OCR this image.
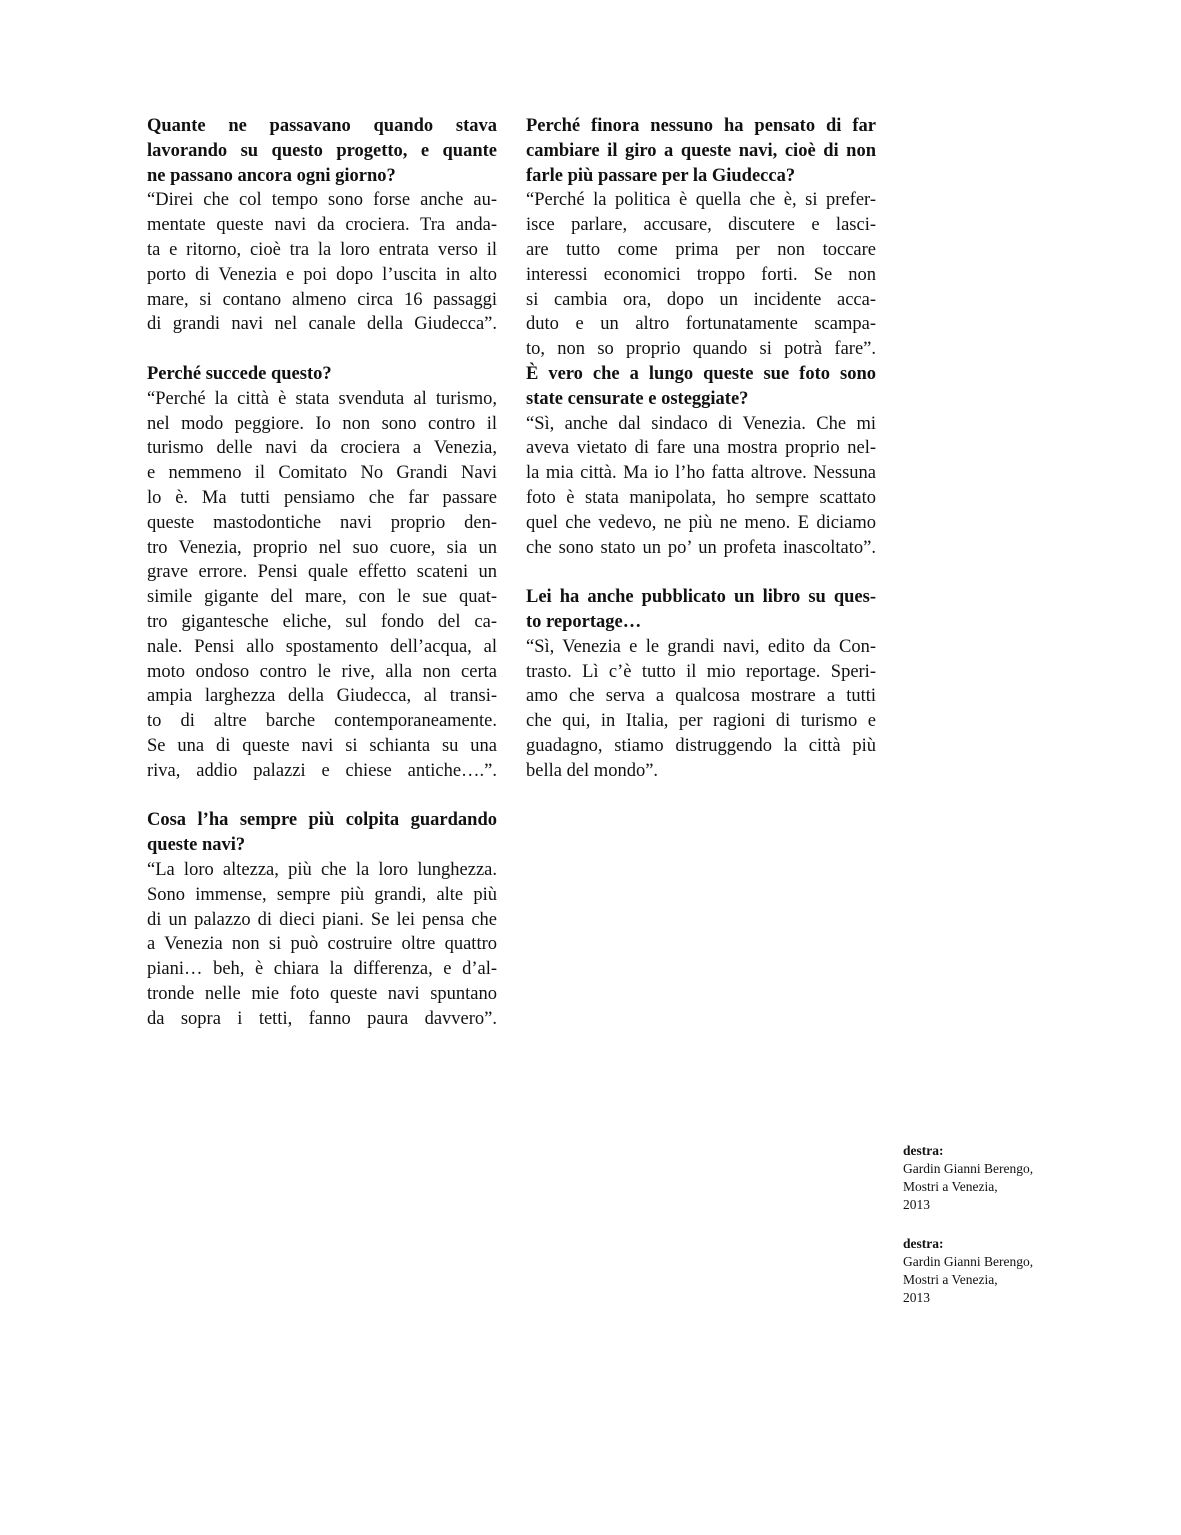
Quante ne passavano quando stava
lavorando su questo progetto, e quante
ne passano ancora ogni giorno?
“Direi che col tempo sono forse anche au-
mentate queste navi da crociera. Tra anda-
ta e ritorno, cioè tra la loro entrata verso il
porto di Venezia e poi dopo l’uscita in alto
mare, si contano almeno circa 16 passaggi
di grandi navi nel canale della Giudecca”.
Perché succede questo?
“Perché la città è stata svenduta al turismo,
nel modo peggiore. Io non sono contro il
turismo delle navi da crociera a Venezia,
e nemmeno il Comitato No Grandi Navi
lo è. Ma tutti pensiamo che far passare
queste mastodontiche navi proprio den-
tro Venezia, proprio nel suo cuore, sia un
grave errore. Pensi quale effetto scateni un
simile gigante del mare, con le sue quat-
tro gigantesche eliche, sul fondo del ca-
nale. Pensi allo spostamento dell’acqua, al
moto ondoso contro le rive, alla non certa
ampia larghezza della Giudecca, al transi-
to di altre barche contemporaneamente.
Se una di queste navi si schianta su una
riva, addio palazzi e chiese antiche….”.
Cosa l’ha sempre più colpita guardando
queste navi?
“La loro altezza, più che la loro lunghezza.
Sono immense, sempre più grandi, alte più
di un palazzo di dieci piani. Se lei pensa che
a Venezia non si può costruire oltre quattro
piani… beh, è chiara la differenza, e d’al-
tronde nelle mie foto queste navi spuntano
da sopra i tetti, fanno paura davvero”.
Perché finora nessuno ha pensato di far
cambiare il giro a queste navi, cioè di non
farle più passare per la Giudecca?
“Perché la politica è quella che è, si prefer-
isce parlare, accusare, discutere e lasci-
are tutto come prima per non toccare
interessi economici troppo forti. Se non
si cambia ora, dopo un incidente acca-
duto e un altro fortunatamente scampa-
to, non so proprio quando si potrà fare”.
È vero che a lungo queste sue foto sono
state censurate e osteggiate?
“Sì, anche dal sindaco di Venezia. Che mi
aveva vietato di fare una mostra proprio nel-
la mia città. Ma io l’ho fatta altrove. Nessuna
foto è stata manipolata, ho sempre scattato
quel che vedevo, ne più ne meno. E diciamo
che sono stato un po’ un profeta inascoltato”.
Lei ha anche pubblicato un libro su ques-
to reportage…
“Sì, Venezia e le grandi navi, edito da Con-
trasto. Lì c’è tutto il mio reportage. Speri-
amo che serva a qualcosa mostrare a tutti
che qui, in Italia, per ragioni di turismo e
guadagno, stiamo distruggendo la città più
bella del mondo”.
destra:
Gardin Gianni Berengo,
Mostri a Venezia,
2013
destra:
Gardin Gianni Berengo,
Mostri a Venezia,
2013
